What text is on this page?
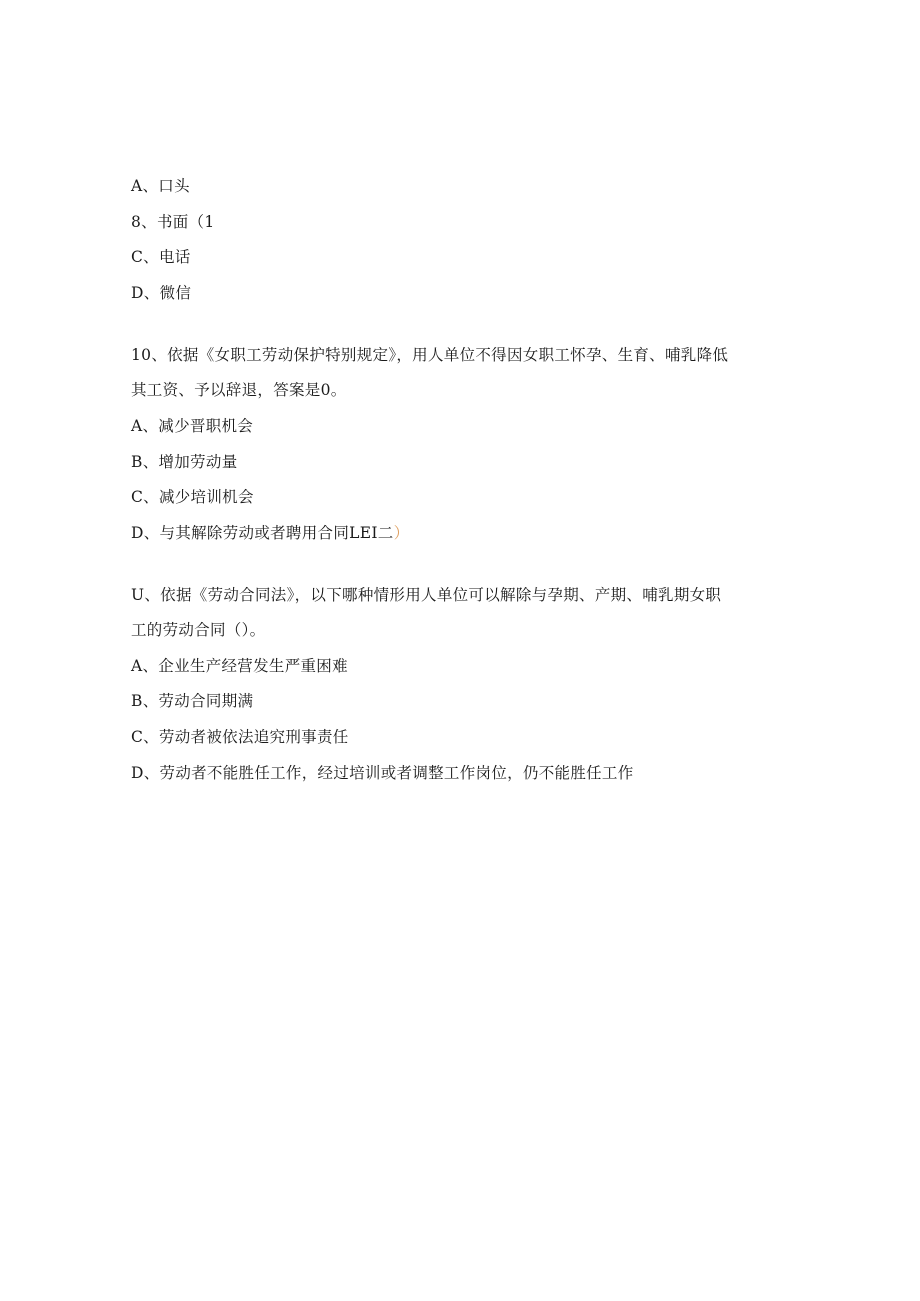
A、口头
8、书面（1
C、电话
D、微信
10、依据《女职工劳动保护特别规定》，用人单位不得因女职工怀孕、生育、哺乳降低
其工资、予以辞退，答案是0。
A、减少晋职机会
B、增加劳动量
C、减少培训机会
D、与其解除劳动或者聘用合同LEI二）
U、依据《劳动合同法》，以下哪种情形用人单位可以解除与孕期、产期、哺乳期女职
工的劳动合同（）。
A、企业生产经营发生严重困难
B、劳动合同期满
C、劳动者被依法追究刑事责任
D、劳动者不能胜任工作，经过培训或者调整工作岗位，仍不能胜任工作
